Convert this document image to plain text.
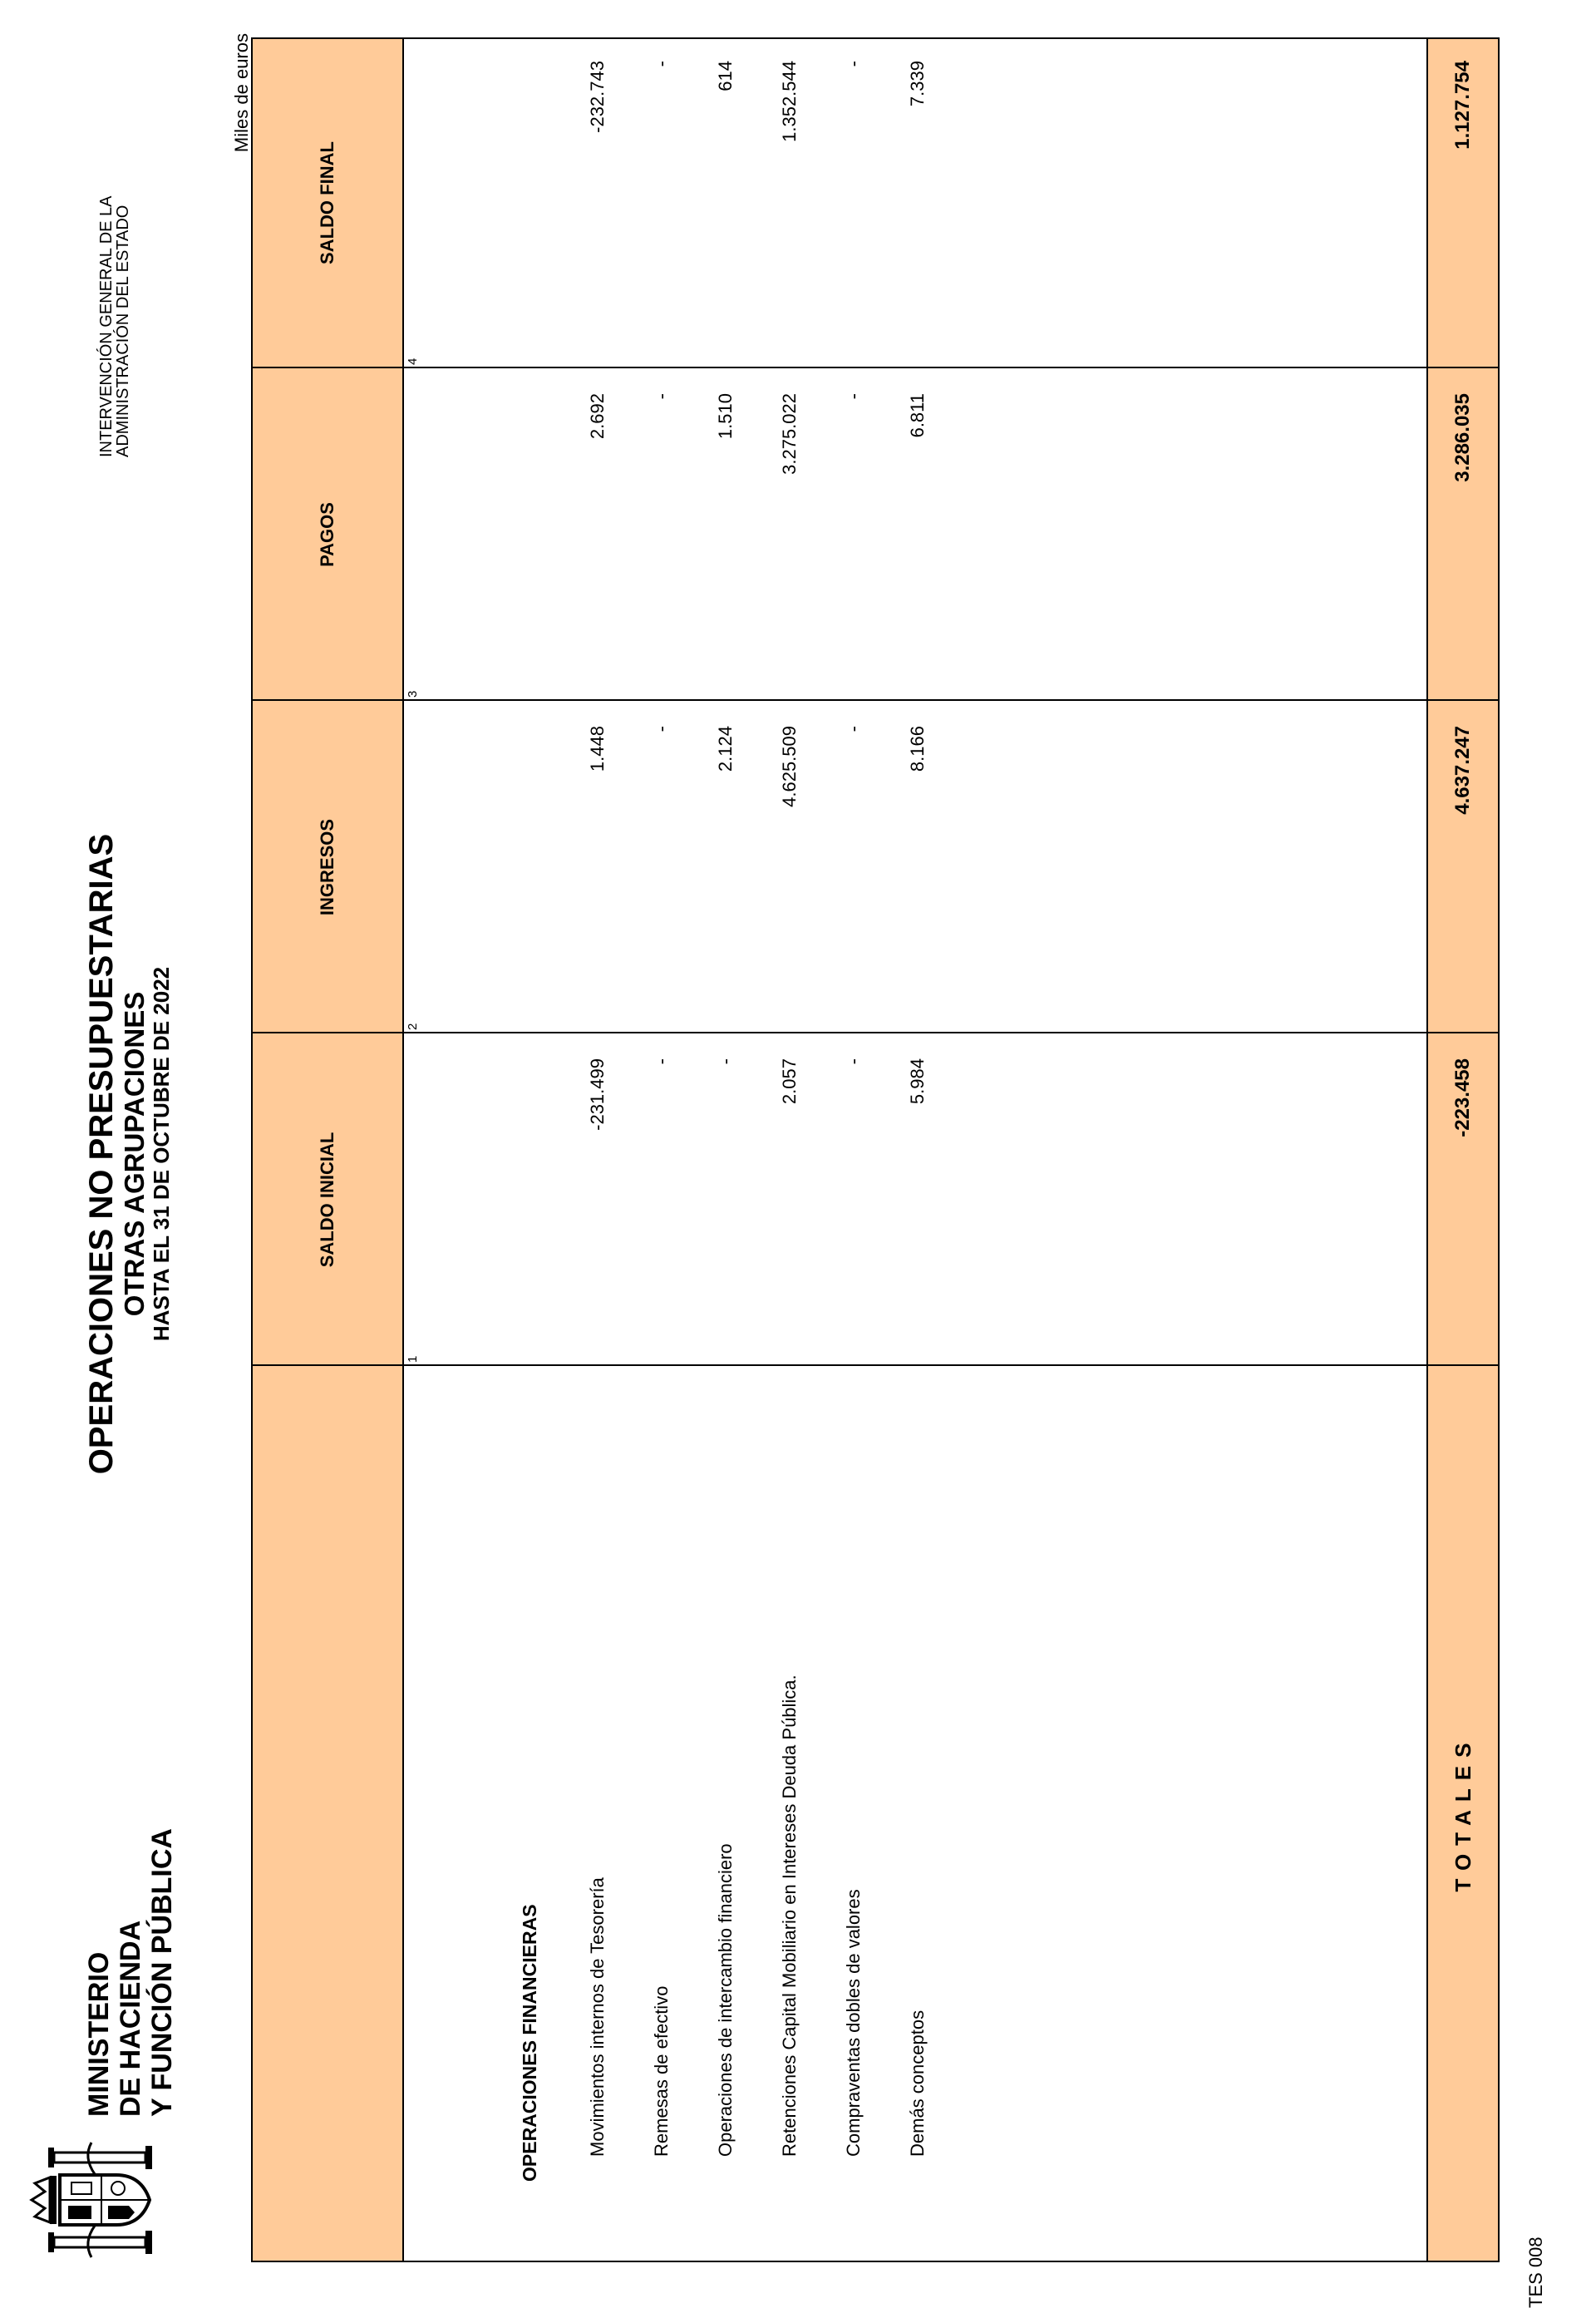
MINISTERIO DE HACIENDA Y FUNCIÓN PÚBLICA
OPERACIONES NO PRESUPUESTARIAS OTRAS AGRUPACIONES HASTA EL 31 DE OCTUBRE DE 2022
INTERVENCIÓN GENERAL DE LA
ADMINISTRACIÓN DEL ESTADO
Miles de euros
SALDO INICIAL
INGRESOS
PAGOS
SALDO FINAL
1
2
3
4
OPERACIONES FINANCIERAS	Movimientos internos de Tesorería Remesas de efectivo Operaciones de intercambio financiero Retenciones Capital Mobiliario en Intereses Deuda Pública. Compraventas dobles de valores Demás conceptos
-231.499
1.448
2.692
-232.743
-
-
-
-
-
2.124
1.510
614
2.057
4.625.509
3.275.022
1.352.544
-
-
-
-
5.984
8.166
6.811
7.339
TOTALES
-223.458
4.637.247
3.286.035
1.127.754
TES 008
